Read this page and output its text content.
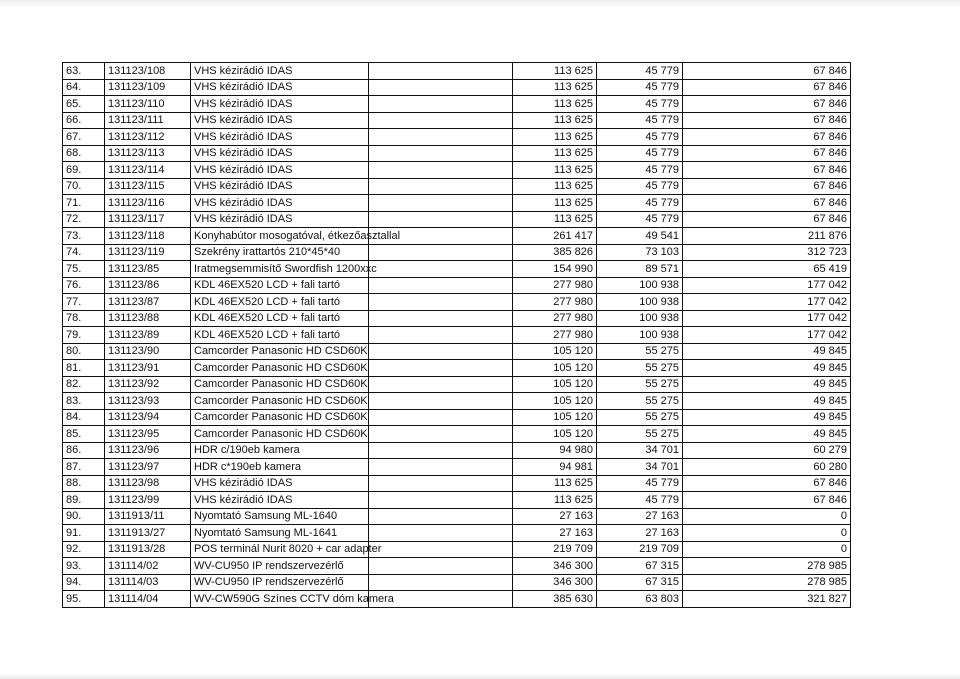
63.	131123/108	VHS kézirádió IDAS		113 625	45 779	67 846
64.	131123/109	VHS kézirádió IDAS		113 625	45 779	67 846
65.	131123/110	VHS kézirádió IDAS		113 625	45 779	67 846
66.	131123/111	VHS kézirádió IDAS		113 625	45 779	67 846
67.	131123/112	VHS kézirádió IDAS		113 625	45 779	67 846
68.	131123/113	VHS kézirádió IDAS		113 625	45 779	67 846
69.	131123/114	VHS kézirádió IDAS		113 625	45 779	67 846
70.	131123/115	VHS kézirádió IDAS		113 625	45 779	67 846
71.	131123/116	VHS kézirádió IDAS		113 625	45 779	67 846
72.	131123/117	VHS kézirádió IDAS		113 625	45 779	67 846
73.	131123/118	Konyhabútor mosogatóval, étkezőasztallal		261 417	49 541	211 876
74.	131123/119	Szekrény irattartós 210*45*40		385 826	73 103	312 723
75.	131123/85	Iratmegsemmisítő Swordfish 1200xxc		154 990	89 571	65 419
76.	131123/86	KDL 46EX520 LCD + fali tartó		277 980	100 938	177 042
77.	131123/87	KDL 46EX520 LCD + fali tartó		277 980	100 938	177 042
78.	131123/88	KDL 46EX520 LCD + fali tartó		277 980	100 938	177 042
79.	131123/89	KDL 46EX520 LCD + fali tartó		277 980	100 938	177 042
80.	131123/90	Camcorder Panasonic HD CSD60K		105 120	55 275	49 845
81.	131123/91	Camcorder Panasonic HD CSD60K		105 120	55 275	49 845
82.	131123/92	Camcorder Panasonic HD CSD60K		105 120	55 275	49 845
83.	131123/93	Camcorder Panasonic HD CSD60K		105 120	55 275	49 845
84.	131123/94	Camcorder Panasonic HD CSD60K		105 120	55 275	49 845
85.	131123/95	Camcorder Panasonic HD CSD60K		105 120	55 275	49 845
86.	131123/96	HDR c/190eb kamera		94 980	34 701	60 279
87.	131123/97	HDR c*190eb kamera		94 981	34 701	60 280
88.	131123/98	VHS kézirádió IDAS		113 625	45 779	67 846
89.	131123/99	VHS kézirádió IDAS		113 625	45 779	67 846
90.	1311913/11	Nyomtató Samsung ML-1640		27 163	27 163	0
91.	1311913/27	Nyomtató Samsung ML-1641		27 163	27 163	0
92.	1311913/28	POS terminál Nurit 8020 + car adapter		219 709	219 709	0
93.	131114/02	WV-CU950 IP rendszervezérlő		346 300	67 315	278 985
94.	131114/03	WV-CU950 IP rendszervezérlő		346 300	67 315	278 985
95.	131114/04	WV-CW590G Színes CCTV dóm kamera		385 630	63 803	321 827
